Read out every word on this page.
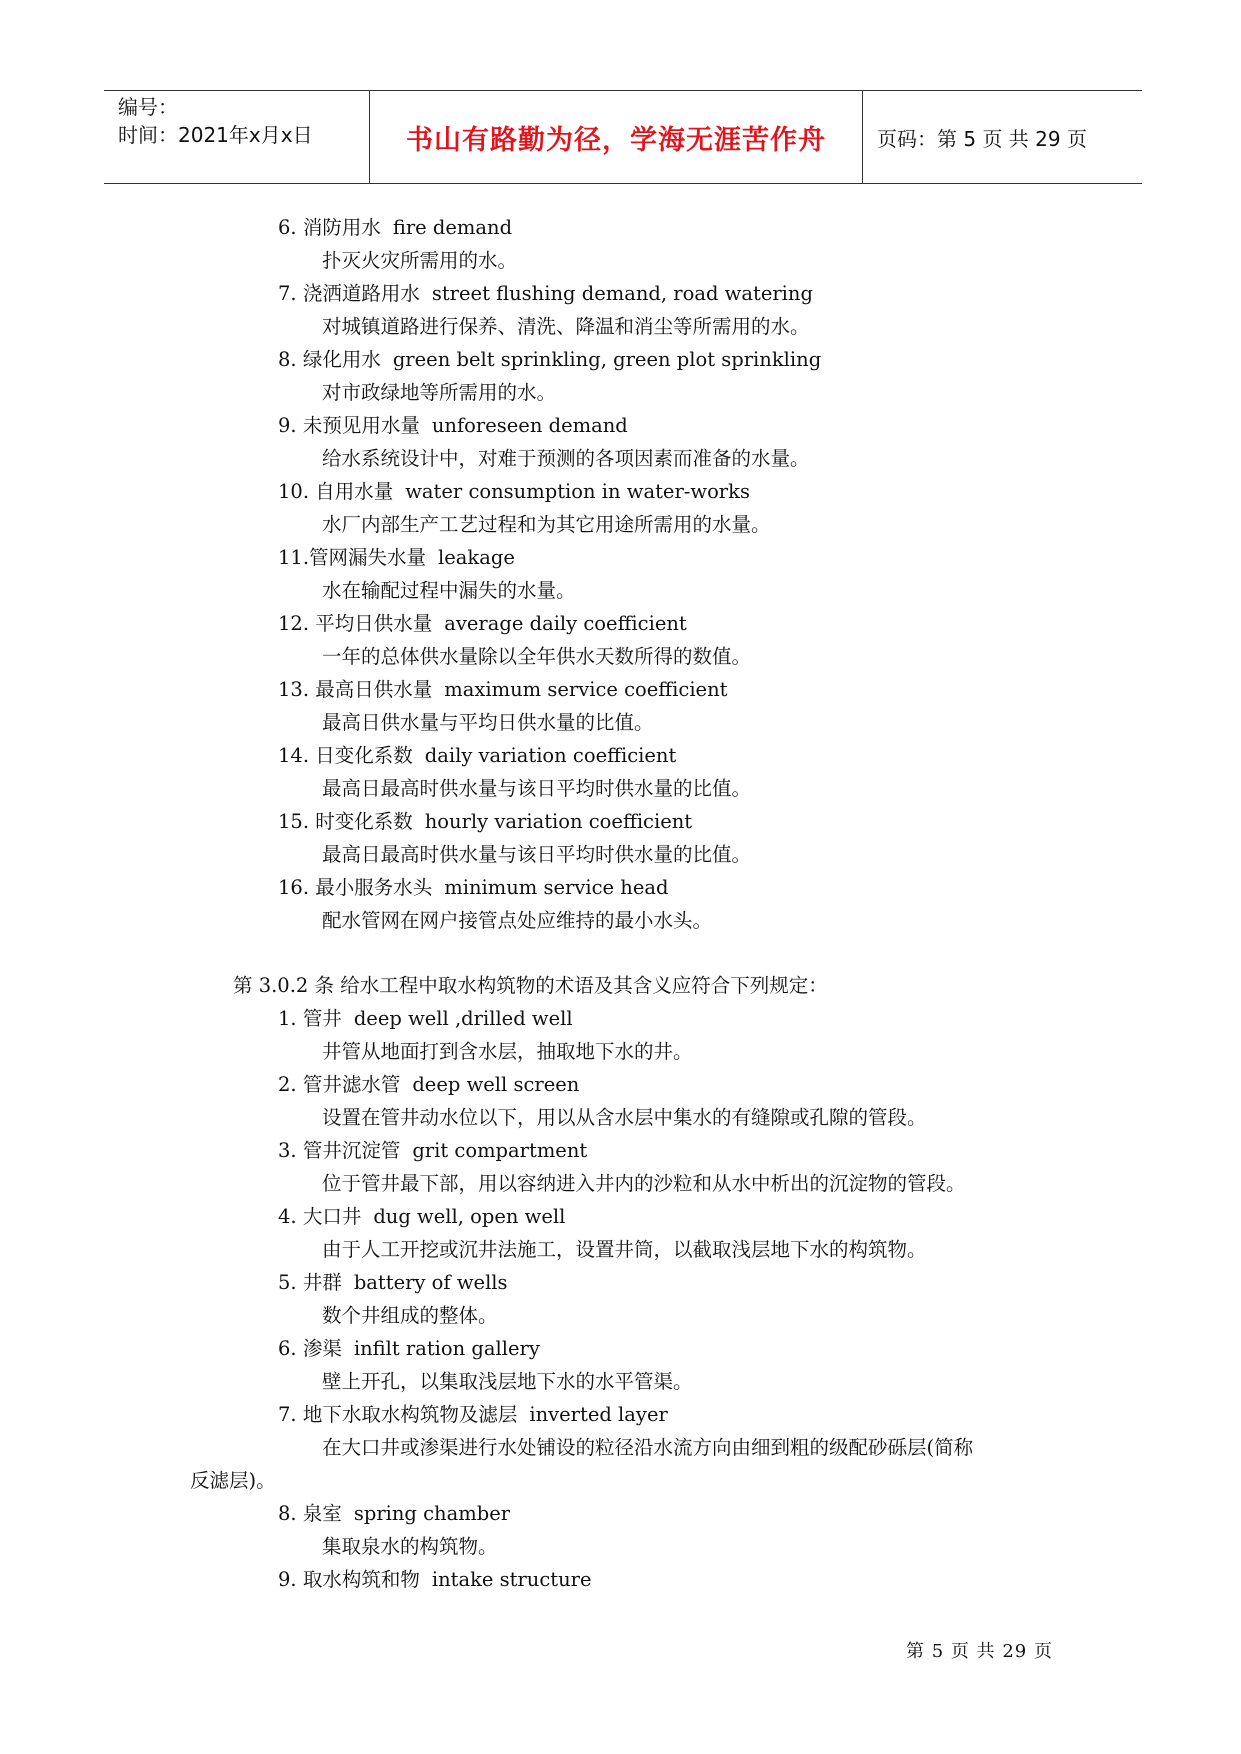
编号：
时间：2021年x月x日	书山有路勤为径，学海无涯苦作舟	页码：第 5 页 共 29 页
6. 消防用水 fire demand
扑灭火灾所需用的水。
7. 浇洒道路用水 street flushing demand, road watering
对城镇道路进行保养、清洗、降温和消尘等所需用的水。
8. 绿化用水 green belt sprinkling, green plot sprinkling
对市政绿地等所需用的水。
9. 未预见用水量 unforeseen demand
给水系统设计中，对难于预测的各项因素而准备的水量。
10. 自用水量 water consumption in water-works
水厂内部生产工艺过程和为其它用途所需用的水量。
11.管网漏失水量 leakage
水在输配过程中漏失的水量。
12. 平均日供水量 average daily coefficient
一年的总体供水量除以全年供水天数所得的数值。
13. 最高日供水量 maximum service coefficient
最高日供水量与平均日供水量的比值。
14. 日变化系数 daily variation coefficient
最高日最高时供水量与该日平均时供水量的比值。
15. 时变化系数 hourly variation coefficient
最高日最高时供水量与该日平均时供水量的比值。
16. 最小服务水头 minimum service head
配水管网在网户接管点处应维持的最小水头。
第 3.0.2 条 给水工程中取水构筑物的术语及其含义应符合下列规定：
1. 管井 deep well ,drilled well
井管从地面打到含水层，抽取地下水的井。
2. 管井滤水管 deep well screen
设置在管井动水位以下，用以从含水层中集水的有缝隙或孔隙的管段。
3. 管井沉淀管 grit compartment
位于管井最下部，用以容纳进入井内的沙粒和从水中析出的沉淀物的管段。
4. 大口井 dug well, open well
由于人工开挖或沉井法施工，设置井筒，以截取浅层地下水的构筑物。
5. 井群 battery of wells
数个井组成的整体。
6. 渗渠 infilt ration gallery
壁上开孔，以集取浅层地下水的水平管渠。
7. 地下水取水构筑物及滤层 inverted layer
在大口井或渗渠进行水处铺设的粒径沿水流方向由细到粗的级配砂砾层(简称
反滤层)。
8. 泉室 spring chamber
集取泉水的构筑物。
9. 取水构筑和物 intake structure
第 5 页 共 29 页
